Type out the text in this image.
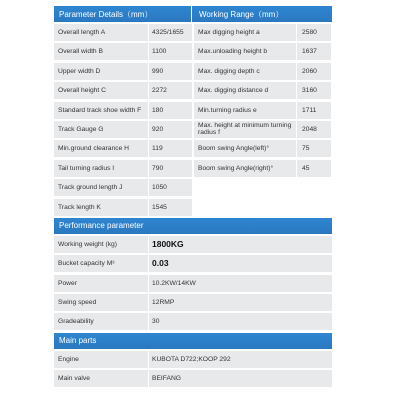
Parameter Details（mm）	Working Range（mm）
Overall length A	4325/1655	Max digging height a	2580
Overall width B	1100	Max.unloading height b	1637
Upper width D	990	Max. digging depth c	2060
Overall height C	2272	Max. digging distance d	3160
Standard track shoe width F	180	Min.turning radius e	1711
Track Gauge G	920	Max. height at minimum turning radius f	2048
Min.ground clearance H	119	Boom swing Angle(left)°	75
Tail turning radius I	790	Boom swing Angle(right)°	45
Track ground length J	1050
Track length K	1545
Performance parameter
Working weight (kg)	1800KG
Bucket capacity M³	0.03
Power	10.2KW/14KW
Swing speed	12RMP
Gradeability	30
Main parts
Engine	KUBOTA D722;KOOP 292
Main valve	BEIFANG
